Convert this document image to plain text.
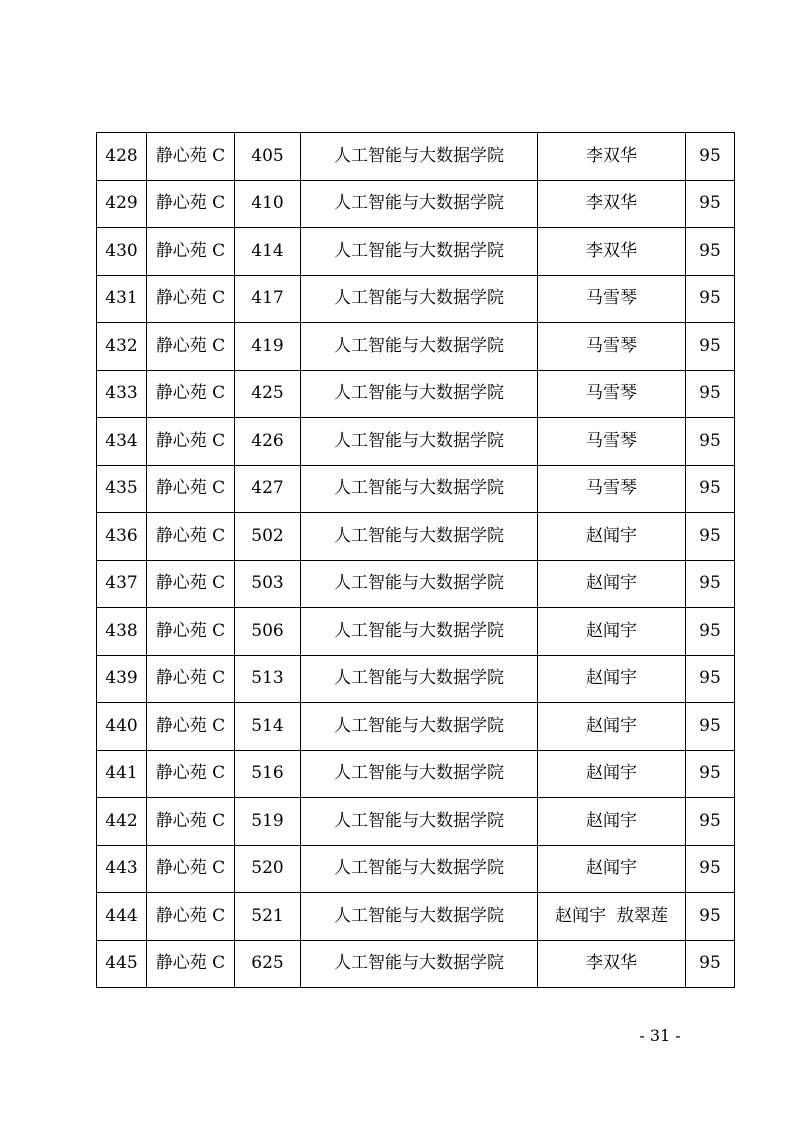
428	静心苑 C	405	人工智能与大数据学院	李双华	95
429	静心苑 C	410	人工智能与大数据学院	李双华	95
430	静心苑 C	414	人工智能与大数据学院	李双华	95
431	静心苑 C	417	人工智能与大数据学院	马雪琴	95
432	静心苑 C	419	人工智能与大数据学院	马雪琴	95
433	静心苑 C	425	人工智能与大数据学院	马雪琴	95
434	静心苑 C	426	人工智能与大数据学院	马雪琴	95
435	静心苑 C	427	人工智能与大数据学院	马雪琴	95
436	静心苑 C	502	人工智能与大数据学院	赵闻宇	95
437	静心苑 C	503	人工智能与大数据学院	赵闻宇	95
438	静心苑 C	506	人工智能与大数据学院	赵闻宇	95
439	静心苑 C	513	人工智能与大数据学院	赵闻宇	95
440	静心苑 C	514	人工智能与大数据学院	赵闻宇	95
441	静心苑 C	516	人工智能与大数据学院	赵闻宇	95
442	静心苑 C	519	人工智能与大数据学院	赵闻宇	95
443	静心苑 C	520	人工智能与大数据学院	赵闻宇	95
444	静心苑 C	521	人工智能与大数据学院	赵闻宇  敖翠莲	95
445	静心苑 C	625	人工智能与大数据学院	李双华	95
- 31 -
